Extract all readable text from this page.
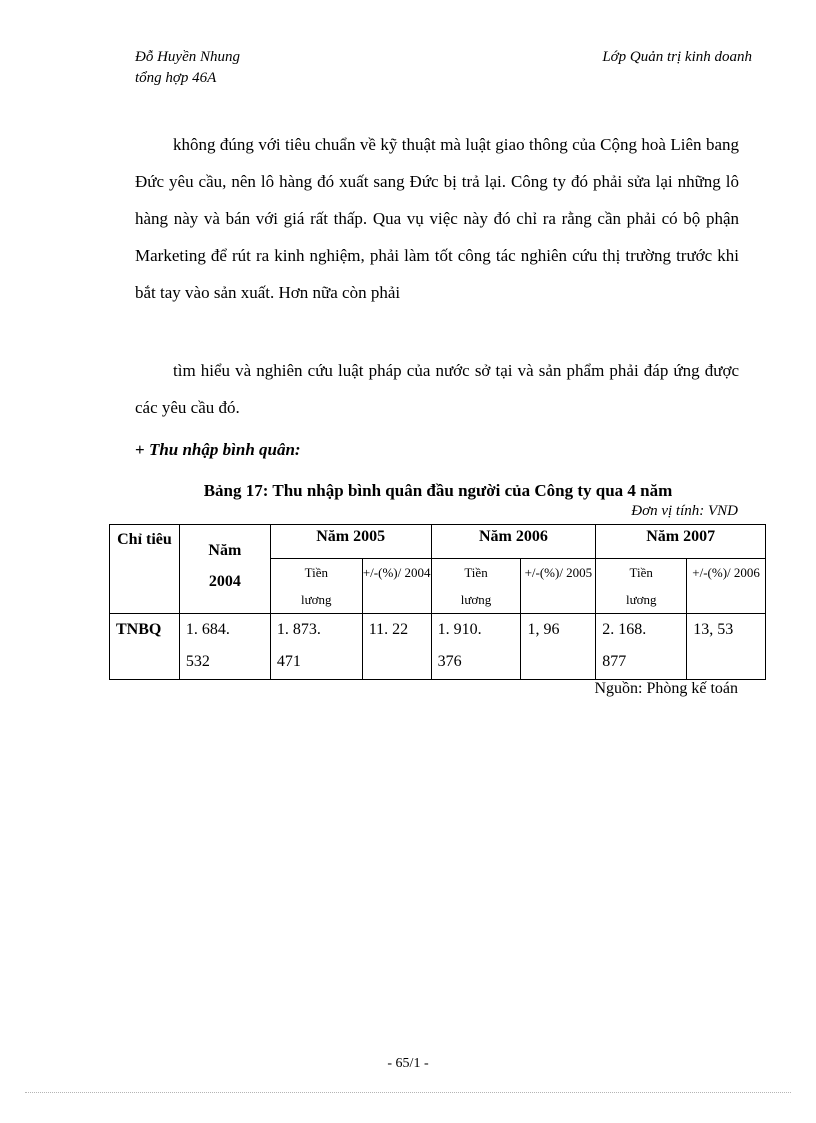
Đỗ Huyền Nhung
tổng hợp 46A
Lớp Quản trị kinh doanh
không đúng với tiêu chuẩn về kỹ thuật mà luật giao thông của Cộng hoà Liên bang Đức yêu cầu, nên lô hàng đó xuất sang Đức bị trả lại. Công ty đó phải sửa lại những lô hàng này và bán với giá rất thấp. Qua vụ việc này đó chỉ ra rằng cần phải có bộ phận Marketing để rút ra kinh nghiệm, phải làm tốt công tác nghiên cứu thị trường trước khi bắt tay vào sản xuất. Hơn nữa còn phải
tìm hiểu và nghiên cứu luật pháp của nước sở tại và sản phẩm phải đáp ứng được các yêu cầu đó.
+ Thu nhập bình quân:
Bảng 17: Thu nhập bình quân đầu người của Công ty qua 4 năm
Đơn vị tính: VND
Chỉ tiêu	Năm 2004	Năm 2005		Năm 2006		Năm 2007	
		Tiền lương	+/-(%)/ 2004	Tiền lương	+/-(%)/ 2005	Tiền lương	+/-(%)/ 2006
TNBQ	1. 684. 532	1. 873. 471	11. 22	1. 910. 376	1, 96	2. 168. 877	13, 53
Nguồn: Phòng kế toán
- 65/1 -
